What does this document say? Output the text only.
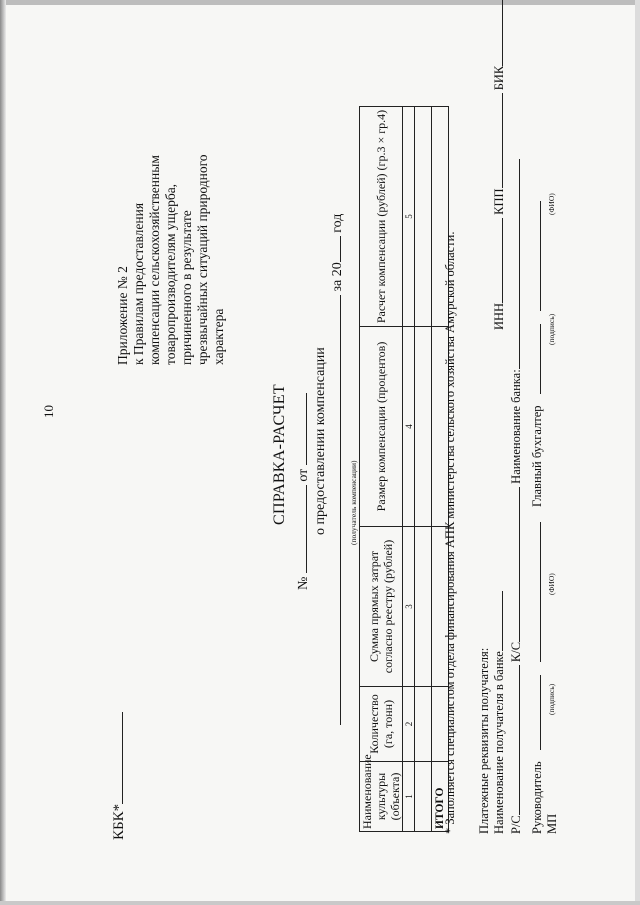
10
КБК*
Приложение № 2 к Правилам предоставления компенсации сельскохозяйственным товаропроизводителям ущерба, причиненного в результате чрезвычайных ситуаций природного характера
СПРАВКА-РАСЧЕТ
№  от о предоставлении компенсации
за 20 год
(получатель компенсации)
Наименование культуры (объекта)	Количество (га, тонн)	Сумма прямых затрат согласно реестру (рублей)	Размер компенсации (процентов)	Расчет компенсации (рублей) (гр.3 × гр.4)
1	2	3	4	5

ИТОГО				
* Заполняется специалистом отдела финансирования АПК министерства сельского хозяйства Амурской области. Платежные реквизиты получателя: Наименование получателя в банке ИНН КПП БИК
Р/С К/С Наименование банка:
Руководитель   Главный бухгалтер
МП
(подпись)
(ФИО)
(подпись)
(ФИО)
